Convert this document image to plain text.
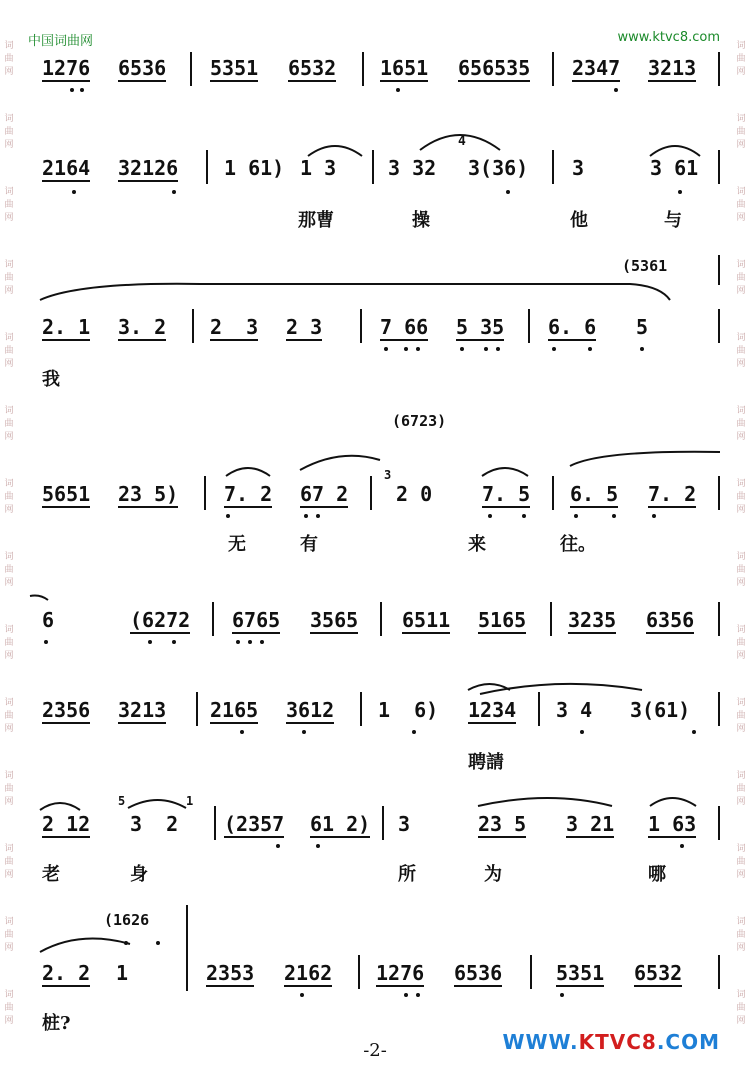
中国词曲网	www.ktvc8.com
词曲网
词曲网
词曲网
词曲网
词曲网
词曲网
词曲网
词曲网
词曲网
词曲网
词曲网
词曲网
词曲网
词曲网
词曲网
词曲网
词曲网
词曲网
词曲网
词曲网
词曲网
词曲网
词曲网
词曲网
词曲网
词曲网
词曲网
词曲网
1276 6536 5351 6532 1651 656535 2347 3213
2164 32126 1 61) 1 3	3 32
4
3(36) 3	3 61
那曹	操	他	与
(5361
2. 1 3. 2 2  3 2 3	7 66 5 35 6. 6 5
我
(6723)
5651 23 5) 7. 2 67 2
3
2 0 7. 5 6. 5 7. 2
无	有	来	往。
6	(6272 6765 3565 6511 5165 3235 6356
2356 3213 2165 3612 1  6) 1234 3 4 3(61)
聘請
2 12
5
3  2
1
(2357 61 2) 3	23 5 3 21 1 63
老	身	所	为	哪
(1626
2. 2 1	2353 2162 1276 6536	5351 6532
桩?
-2-	WWW.KTVC8.COM
